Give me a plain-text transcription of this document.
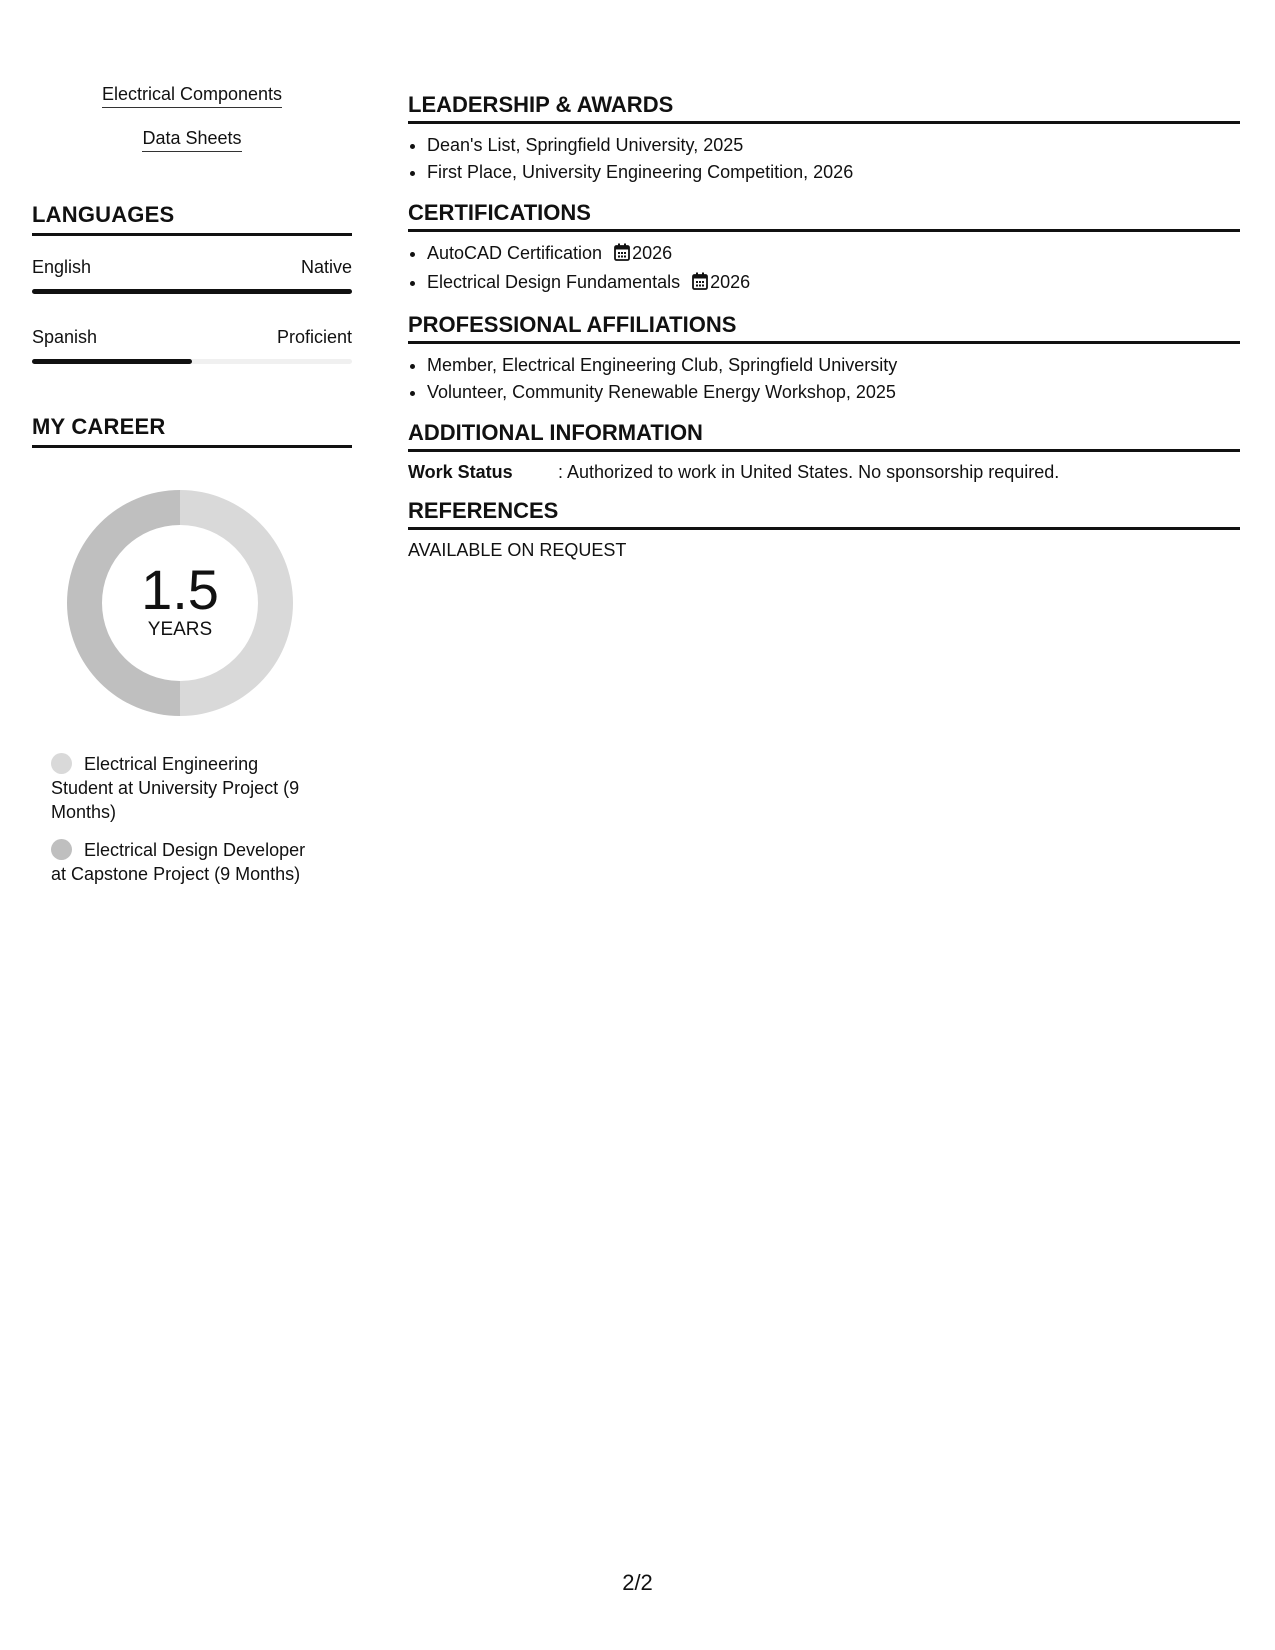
Electrical Components
Data Sheets
LANGUAGES
English	Native
Spanish	Proficient
MY CAREER
1.5
YEARS
Electrical Engineering Student at University Project (9 Months)
Electrical Design Developer at Capstone Project (9 Months)
LEADERSHIP & AWARDS
• Dean's List, Springfield University, 2025
• First Place, University Engineering Competition, 2026
CERTIFICATIONS
• AutoCAD Certification 2026
• Electrical Design Fundamentals 2026
PROFESSIONAL AFFILIATIONS
• Member, Electrical Engineering Club, Springfield University
• Volunteer, Community Renewable Energy Workshop, 2025
ADDITIONAL INFORMATION
Work Status	: Authorized to work in United States. No sponsorship required.
REFERENCES
AVAILABLE ON REQUEST
2/2
